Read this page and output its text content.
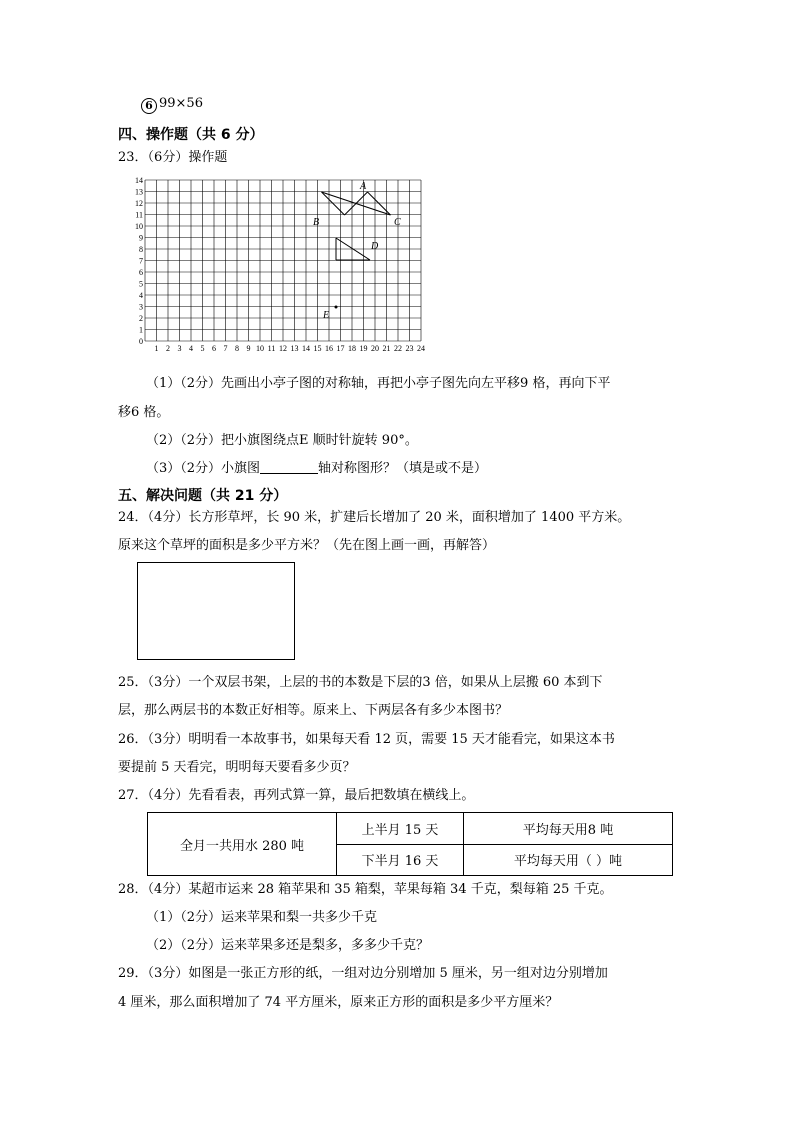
6 99×56
四、操作题（共 6 分）
23．（6分）操作题
1 2 3 4 5 6 7 8 9 10 11 12 13 14 15 16 17 18 19 20 21 22 23 24
0
1
2
3
4
5
6
7
8
9
10
11
12
13
14
A
B	C
D
E
（1）（2分）先画出小亭子图的对称轴，再把小亭子图先向左平移9 格，再向下平
移6 格。
（2）（2分）把小旗图绕点E 顺时针旋转 90°。
（3）（2分）小旗图	轴对称图形？（填是或不是）
五、解决问题（共 21 分）
24．（4分）长方形草坪，长 90 米，扩建后长增加了 20 米，面积增加了 1400 平方米。
原来这个草坪的面积是多少平方米？（先在图上画一画，再解答）
25．（3分）一个双层书架，上层的书的本数是下层的3 倍，如果从上层搬 60 本到下
层，那么两层书的本数正好相等。原来上、下两层各有多少本图书？
26．（3分）明明看一本故事书，如果每天看 12 页，需要 15 天才能看完，如果这本书
要提前 5 天看完，明明每天要看多少页？
27．（4分）先看看表，再列式算一算，最后把数填在横线上。
全月一共用水 280 吨	上半月 15 天	平均每天用8 吨
	下半月 16 天	平均每天用（ ）吨
28．（4分）某超市运来 28 箱苹果和 35 箱梨，苹果每箱 34 千克，梨每箱 25 千克。
（1）（2分）运来苹果和梨一共多少千克
（2）（2分）运来苹果多还是梨多，多多少千克？
29．（3分）如图是一张正方形的纸，一组对边分别增加 5 厘米，另一组对边分别增加
4 厘米，那么面积增加了 74 平方厘米，原来正方形的面积是多少平方厘米？
